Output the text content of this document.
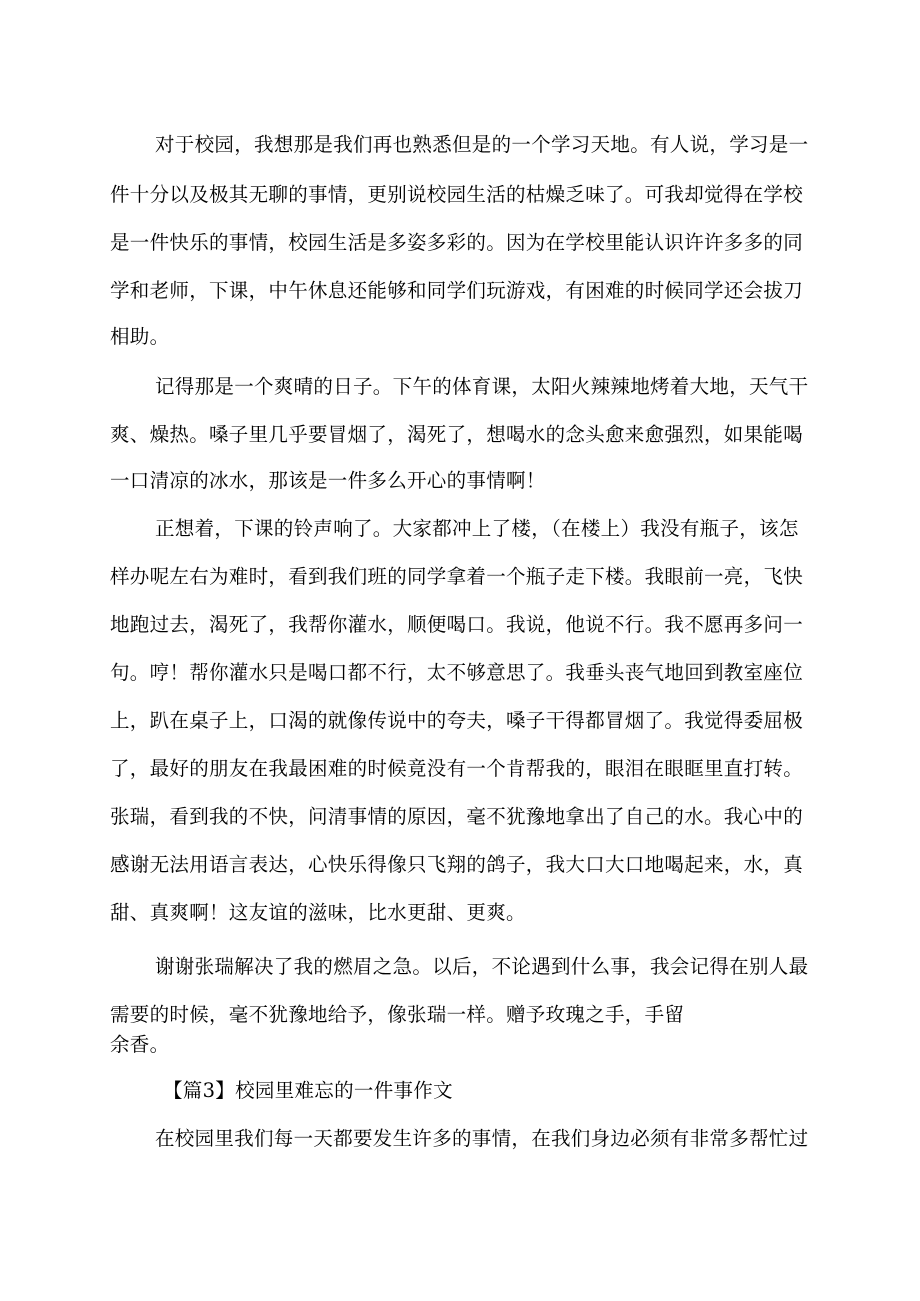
对于校园，我想那是我们再也熟悉但是的一个学习天地。有人说，学习是一
件十分以及极其无聊的事情，更别说校园生活的枯燥乏味了。可我却觉得在学校
是一件快乐的事情，校园生活是多姿多彩的。因为在学校里能认识许许多多的同
学和老师，下课，中午休息还能够和同学们玩游戏，有困难的时候同学还会拔刀
相助。
记得那是一个爽晴的日子。下午的体育课，太阳火辣辣地烤着大地，天气干
爽、燥热。嗓子里几乎要冒烟了，渴死了，想喝水的念头愈来愈强烈，如果能喝
一口清凉的冰水，那该是一件多么开心的事情啊！
正想着，下课的铃声响了。大家都冲上了楼，（在楼上）我没有瓶子，该怎
样办呢左右为难时，看到我们班的同学拿着一个瓶子走下楼。我眼前一亮，飞快
地跑过去，渴死了，我帮你灌水，顺便喝口。我说，他说不行。我不愿再多问一
句。哼！帮你灌水只是喝口都不行，太不够意思了。我垂头丧气地回到教室座位
上，趴在桌子上，口渴的就像传说中的夸夫，嗓子干得都冒烟了。我觉得委屈极
了，最好的朋友在我最困难的时候竟没有一个肯帮我的，眼泪在眼眶里直打转。
张瑞，看到我的不快，问清事情的原因，毫不犹豫地拿出了自己的水。我心中的
感谢无法用语言表达，心快乐得像只飞翔的鸽子，我大口大口地喝起来，水，真
甜、真爽啊！这友谊的滋味，比水更甜、更爽。
谢谢张瑞解决了我的燃眉之急。以后，不论遇到什么事，我会记得在别人最
需要的时候，毫不犹豫地给予，像张瑞一样。赠予玫瑰之手，手留
余香。
【篇3】校园里难忘的一件事作文
在校园里我们每一天都要发生许多的事情，在我们身边必须有非常多帮忙过
